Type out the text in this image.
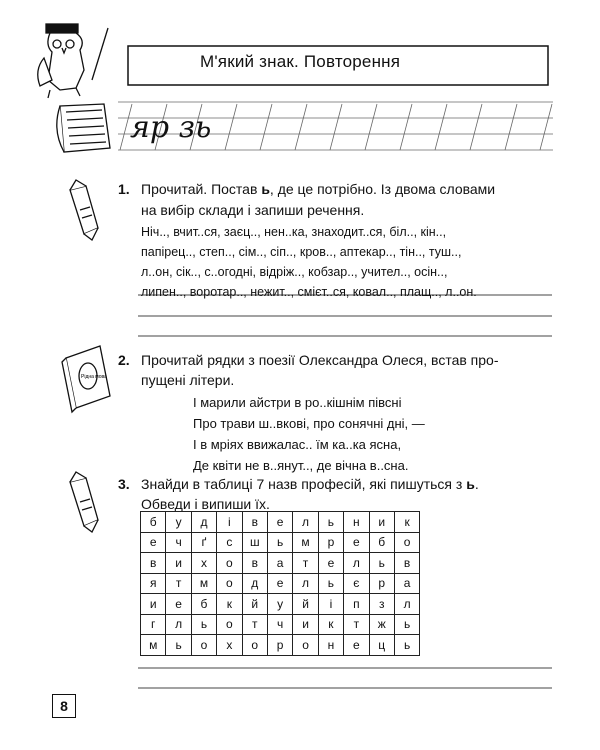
Рідна мова
М'який знак. Повторення
яр зь
1. Прочитай. Постав ь, де це потрібно. Із двома словами
на вибір склади і запиши речення.
Ніч.., вчит..ся, заєц.., нен..ка, знаходит..ся, біл.., кін..,
папірец.., степ.., сім.., сіп.., кров.., аптекар.., тін.., туш..,
л..он, сік.., с..огодні, відріж.., кобзар.., учител.., осін..,
липен.., воротар.., нежит.., смієт..ся, ковал.., плащ.., л..он.
2. Прочитай рядки з поезії Олександра Олеся, встав про-
пущені літери.
І марили айстри в ро..кішнім півсні
Про трави ш..вкові, про сонячні дні, —
І в мріях ввижалас.. їм ка..ка ясна,
Де квіти не в..янут.., де вічна в..сна.
3. Знайди в таблиці 7 назв професій, які пишуться з ь.
Обведи і випиши їх.
б	у	д	і	в	е	л	ь	н	и	к
е	ч	ґ	с	ш	ь	м	р	е	б	о
в	и	х	о	в	а	т	е	л	ь	в
я	т	м	о	д	е	л	ь	є	р	а
и	е	б	к	й	у	й	і	п	з	л
г	л	ь	о	т	ч	и	к	т	ж	ь
м	ь	о	х	о	р	о	н	е	ц	ь
8
